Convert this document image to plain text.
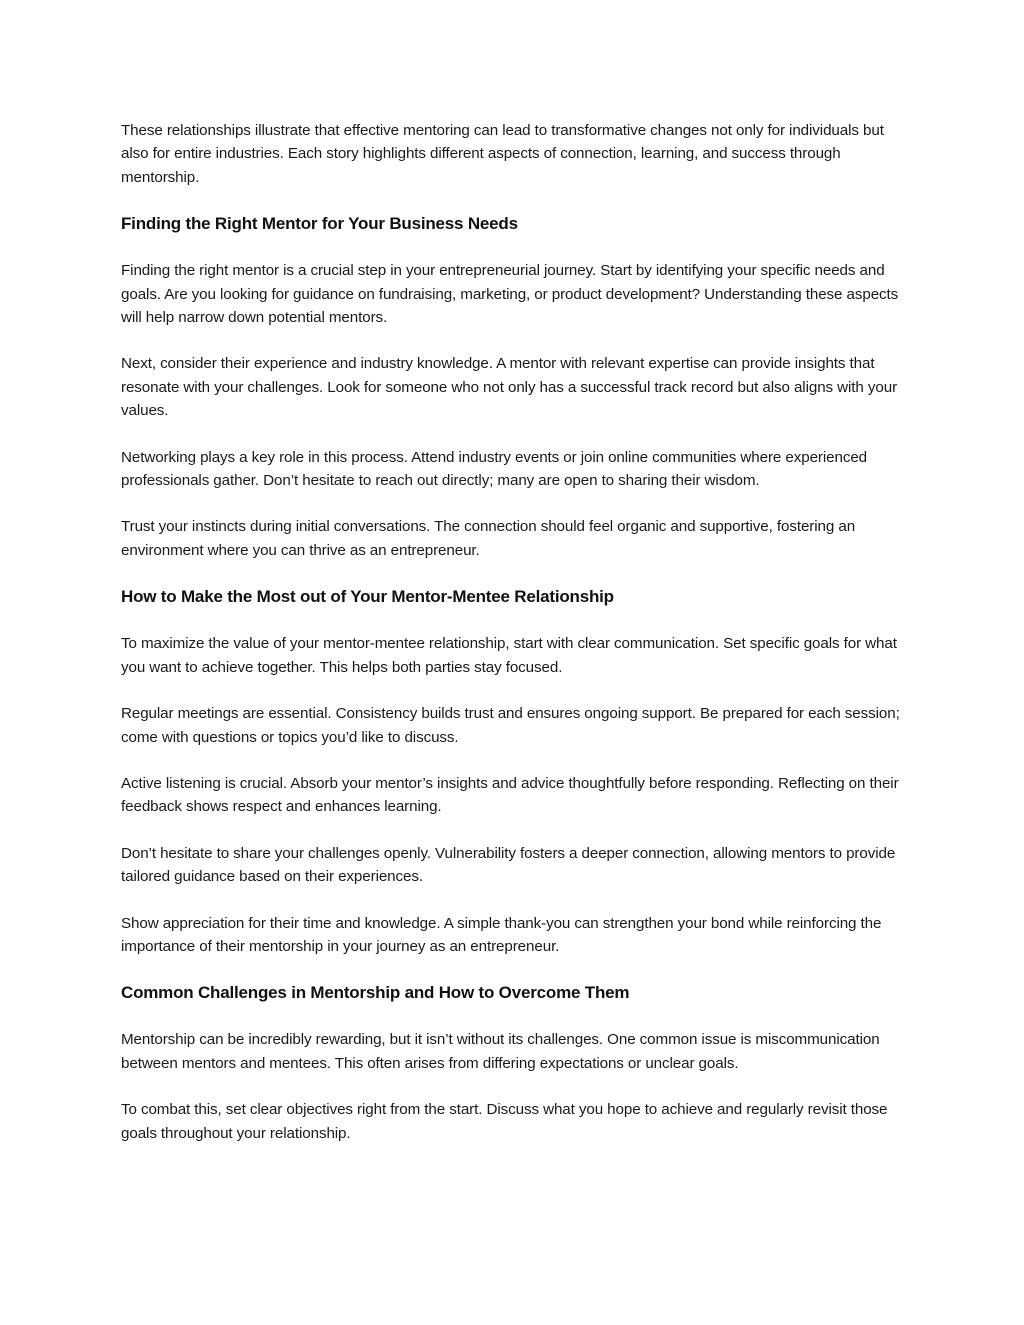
These relationships illustrate that effective mentoring can lead to transformative changes not only for individuals but also for entire industries. Each story highlights different aspects of connection, learning, and success through mentorship.

Finding the Right Mentor for Your Business Needs

Finding the right mentor is a crucial step in your entrepreneurial journey. Start by identifying your specific needs and goals. Are you looking for guidance on fundraising, marketing, or product development? Understanding these aspects will help narrow down potential mentors.

Next, consider their experience and industry knowledge. A mentor with relevant expertise can provide insights that resonate with your challenges. Look for someone who not only has a successful track record but also aligns with your values.

Networking plays a key role in this process. Attend industry events or join online communities where experienced professionals gather. Don’t hesitate to reach out directly; many are open to sharing their wisdom.

Trust your instincts during initial conversations. The connection should feel organic and supportive, fostering an environment where you can thrive as an entrepreneur.

How to Make the Most out of Your Mentor-Mentee Relationship

To maximize the value of your mentor-mentee relationship, start with clear communication. Set specific goals for what you want to achieve together. This helps both parties stay focused.

Regular meetings are essential. Consistency builds trust and ensures ongoing support. Be prepared for each session; come with questions or topics you’d like to discuss.

Active listening is crucial. Absorb your mentor’s insights and advice thoughtfully before responding. Reflecting on their feedback shows respect and enhances learning.

Don’t hesitate to share your challenges openly. Vulnerability fosters a deeper connection, allowing mentors to provide tailored guidance based on their experiences.

Show appreciation for their time and knowledge. A simple thank-you can strengthen your bond while reinforcing the importance of their mentorship in your journey as an entrepreneur.

Common Challenges in Mentorship and How to Overcome Them

Mentorship can be incredibly rewarding, but it isn’t without its challenges. One common issue is miscommunication between mentors and mentees. This often arises from differing expectations or unclear goals.

To combat this, set clear objectives right from the start. Discuss what you hope to achieve and regularly revisit those goals throughout your relationship.
